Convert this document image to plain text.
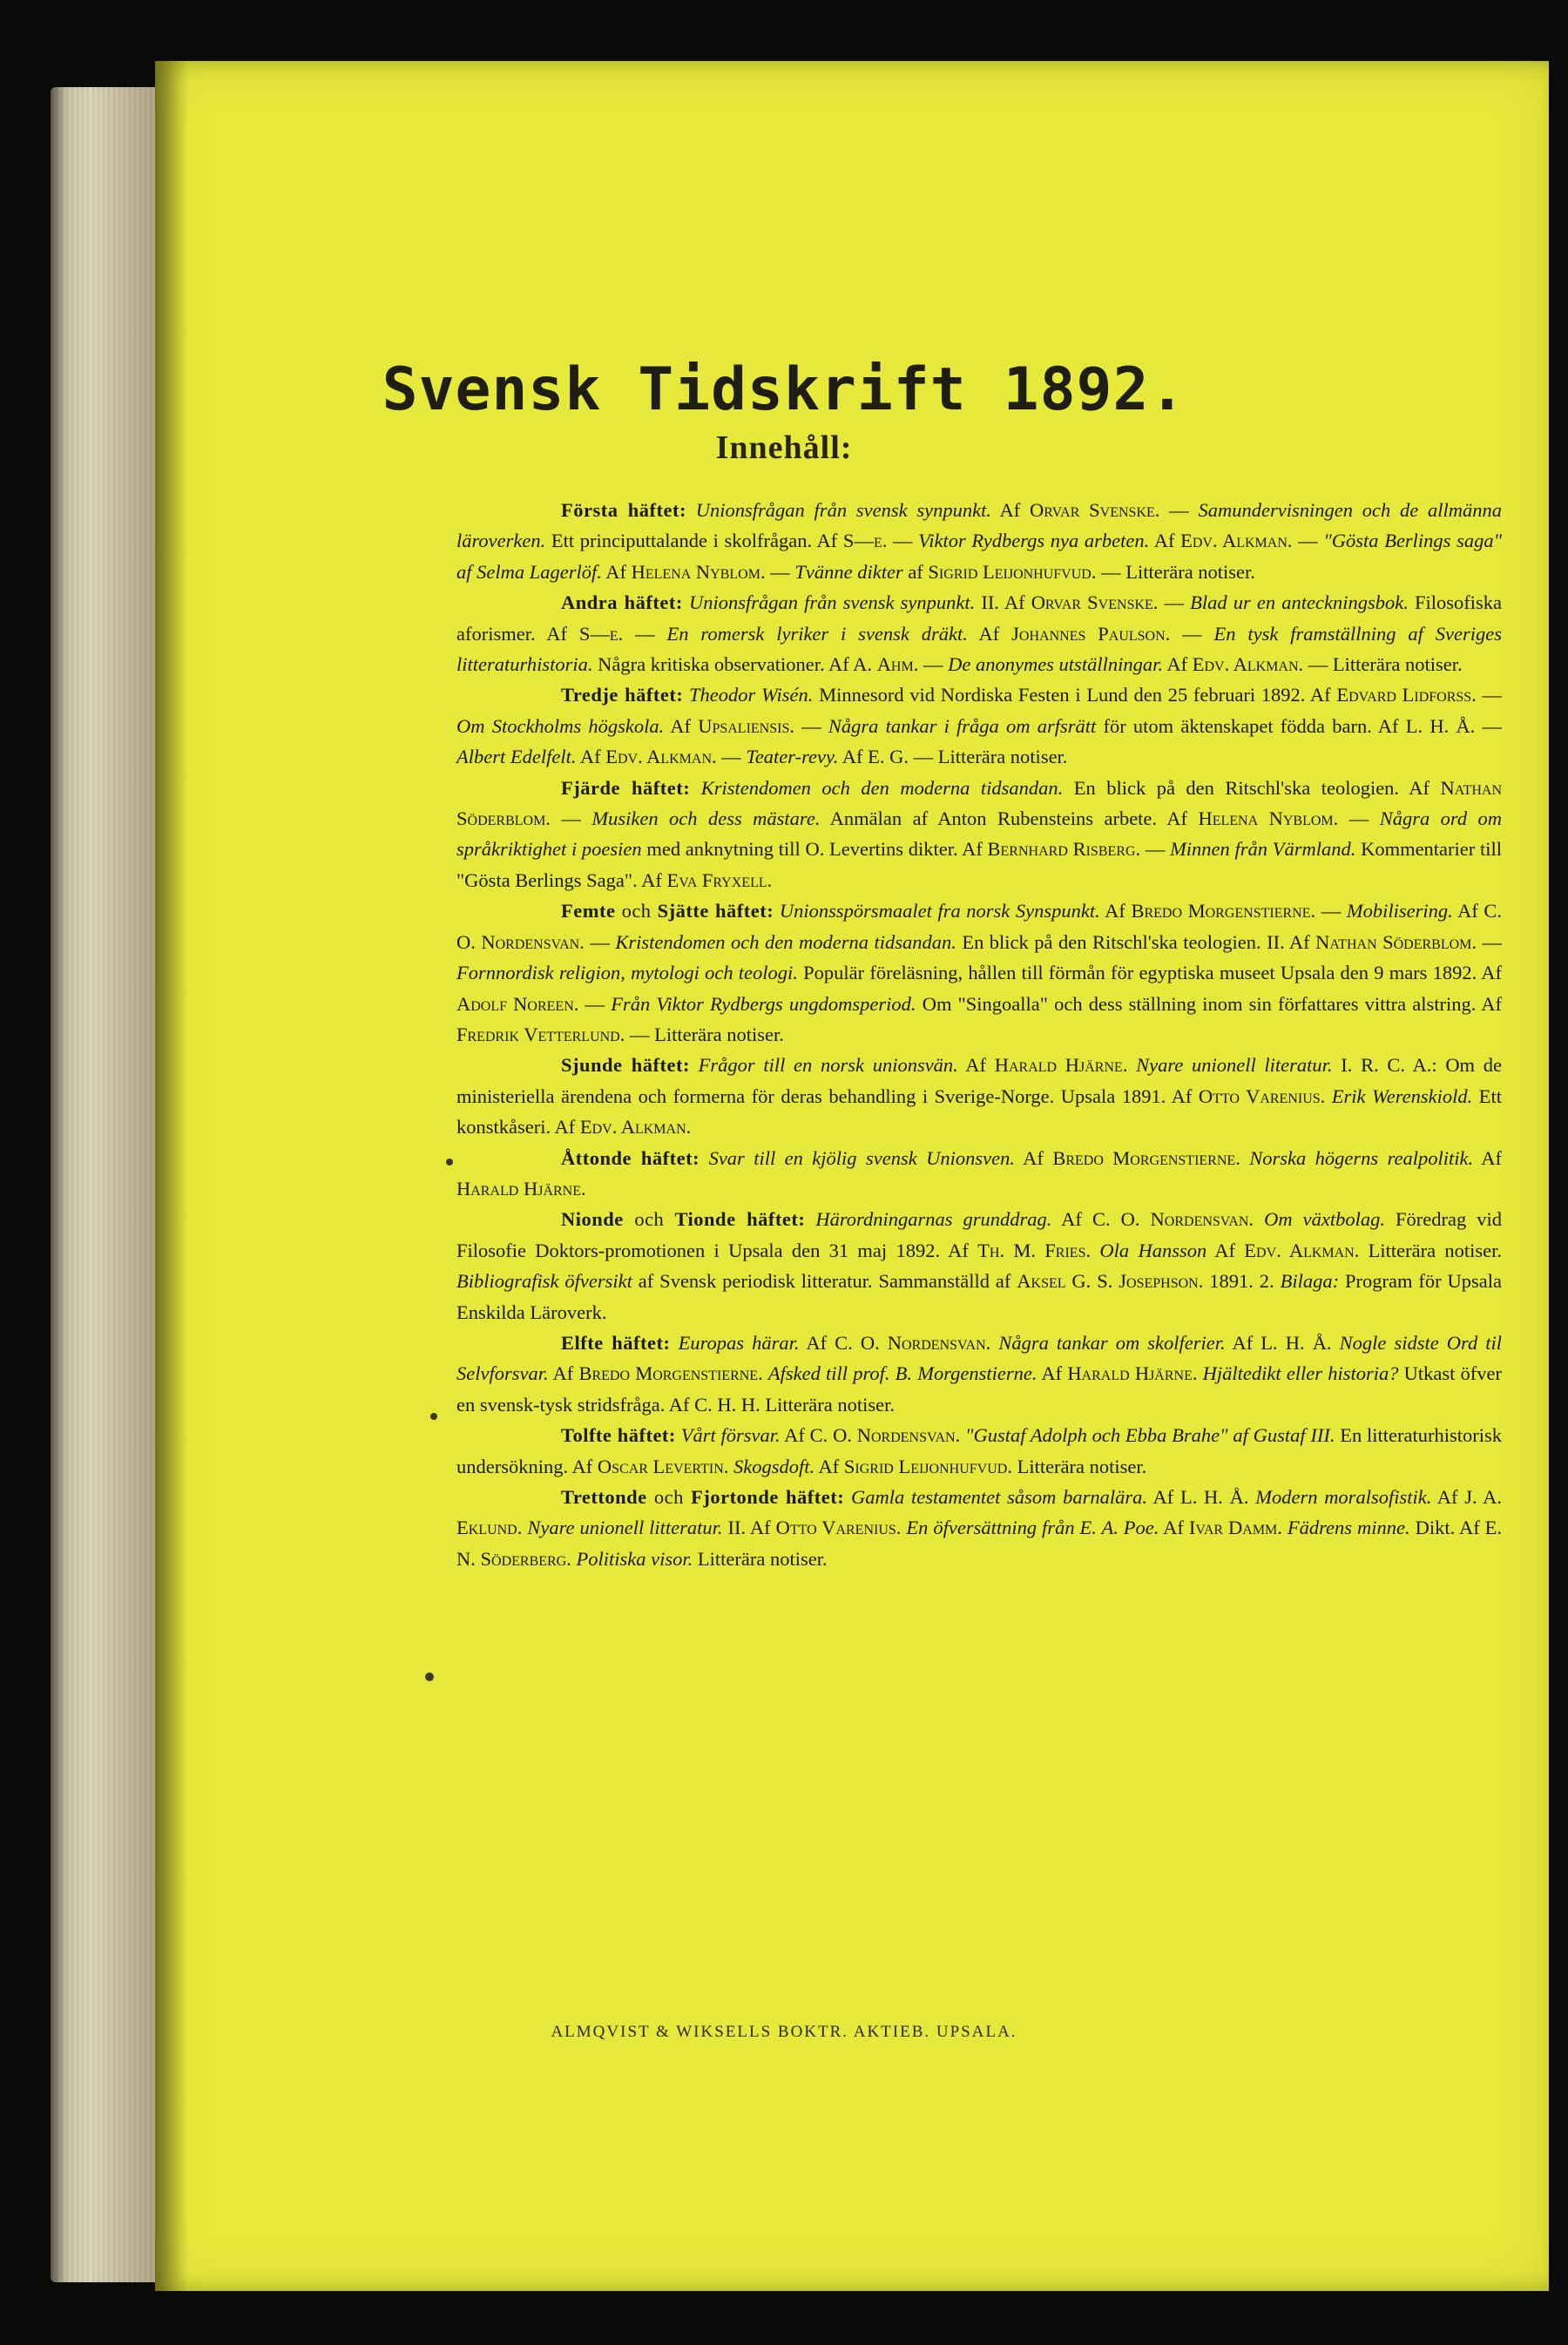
Svensk Tidskrift 1892.
Innehåll:

Första häftet: Unionsfrågan från svensk synpunkt. Af Orvar Svenske. — Samundervisningen och de allmänna läroverken. Ett principuttalande i skolfrågan. Af S—e. — Viktor Rydbergs nya arbeten. Af Edv. Alkman. — "Gösta Berlings saga" af Selma Lagerlöf. Af Helena Nyblom. — Tvänne dikter af Sigrid Leijonhufvud. — Litterära notiser.

Andra häftet: Unionsfrågan från svensk synpunkt. II. Af Orvar Svenske. — Blad ur en anteckningsbok. Filosofiska aforismer. Af S—e. — En romersk lyriker i svensk dräkt. Af Johannes Paulson. — En tysk framställning af Sveriges litteraturhistoria. Några kritiska observationer. Af A. Ahm. — De anonymes utställningar. Af Edv. Alkman. — Litterära notiser.

Tredje häftet: Theodor Wisén. Minnesord vid Nordiska Festen i Lund den 25 februari 1892. Af Edvard Lidforss. — Om Stockholms högskola. Af Upsaliensis. — Några tankar i fråga om arfsrätt för utom äktenskapet födda barn. Af L. H. Å. — Albert Edelfelt. Af Edv. Alkman. — Teater-revy. Af E. G. — Litterära notiser.

Fjärde häftet: Kristendomen och den moderna tidsandan. En blick på den Ritschl'ska teologien. Af Nathan Söderblom. — Musiken och dess mästare. Anmälan af Anton Rubensteins arbete. Af Helena Nyblom. — Några ord om språkriktighet i poesien med anknytning till O. Levertins dikter. Af Bernhard Risberg. — Minnen från Värmland. Kommentarier till "Gösta Berlings Saga". Af Eva Fryxell.

Femte och Sjätte häftet: Unionsspörsmaalet fra norsk Synspunkt. Af Bredo Morgenstierne. — Mobilisering. Af C. O. Nordensvan. — Kristendomen och den moderna tidsandan. En blick på den Ritschl'ska teologien. II. Af Nathan Söderblom. — Fornnordisk religion, mytologi och teologi. Populär föreläsning, hållen till förmån för egyptiska museet Upsala den 9 mars 1892. Af Adolf Noreen. — Från Viktor Rydbergs ungdomsperiod. Om "Singoalla" och dess ställning inom sin författares vittra alstring. Af Fredrik Vetterlund. — Litterära notiser.

Sjunde häftet: Frågor till en norsk unionsvän. Af Harald Hjärne. Nyare unionell literatur. I. R. C. A.: Om de ministeriella ärendena och formerna för deras behandling i Sverige-Norge. Upsala 1891. Af Otto Varenius. Erik Werenskiold. Ett konstkåseri. Af Edv. Alkman.

Åttonde häftet: Svar till en kjölig svensk Unionsven. Af Bredo Morgenstierne. Norska högerns realpolitik. Af Harald Hjärne.

Nionde och Tionde häftet: Härordningarnas grunddrag. Af C. O. Nordensvan. Om växtbolag. Föredrag vid Filosofie Doktors-promotionen i Upsala den 31 maj 1892. Af Th. M. Fries. Ola Hansson Af Edv. Alkman. Litterära notiser. Bibliografisk öfversikt af Svensk periodisk litteratur. Sammanställd af Aksel G. S. Josephson. 1891. 2. Bilaga: Program för Upsala Enskilda Läroverk.

Elfte häftet: Europas härar. Af C. O. Nordensvan. Några tankar om skolferier. Af L. H. Å. Nogle sidste Ord til Selvforsvar. Af Bredo Morgenstierne. Afsked till prof. B. Morgenstierne. Af Harald Hjärne. Hjältedikt eller historia? Utkast öfver en svensk-tysk stridsfråga. Af C. H. H. Litterära notiser.

Tolfte häftet: Vårt försvar. Af C. O. Nordensvan. "Gustaf Adolph och Ebba Brahe" af Gustaf III. En litteraturhistorisk undersökning. Af Oscar Levertin. Skogsdoft. Af Sigrid Leijonhufvud. Litterära notiser.

Trettonde och Fjortonde häftet: Gamla testamentet såsom barnalära. Af L. H. Å. Modern moralsofistik. Af J. A. Eklund. Nyare unionell litteratur. II. Af Otto Varenius. En öfversättning från E. A. Poe. Af Ivar Damm. Fädrens minne. Dikt. Af E. N. Söderberg. Politiska visor. Litterära notiser.

ALMQVIST & WIKSELLS BOKTR. AKTIEB. UPSALA.
